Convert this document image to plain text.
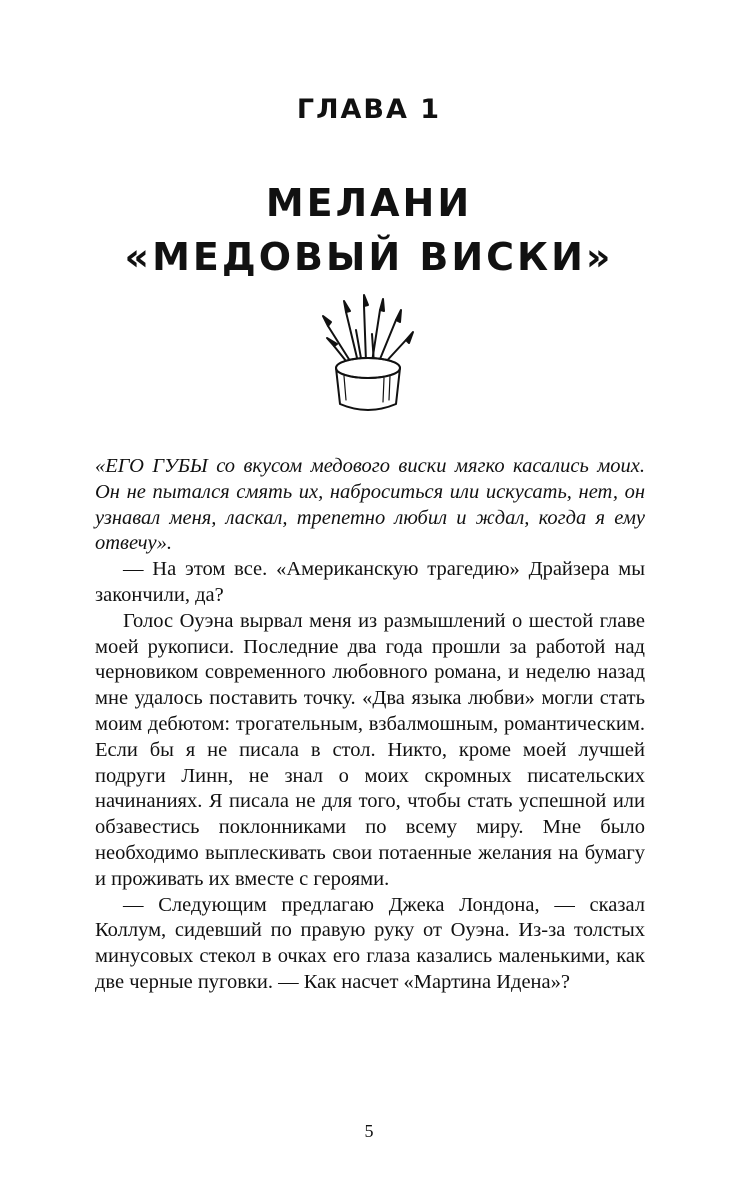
ГЛАВА 1
МЕЛАНИ
«МЕДОВЫЙ ВИСКИ»

«ЕГО ГУБЫ со вкусом медового виски мягко касались моих. Он не пытался смять их, наброситься или искусать, нет, он узнавал меня, ласкал, трепетно любил и ждал, когда я ему отвечу».

— На этом все. «Американскую трагедию» Драйзера мы закончили, да?

Голос Оуэна вырвал меня из размышлений о шестой главе моей рукописи. Последние два года прошли за работой над черновиком современного любовного романа, и неделю назад мне удалось поставить точку. «Два языка любви» могли стать моим дебютом: трогательным, взбалмошным, романтическим. Если бы я не писала в стол. Никто, кроме моей лучшей подруги Линн, не знал о моих скромных писательских начинаниях. Я писала не для того, чтобы стать успешной или обзавестись поклонниками по всему миру. Мне было необходимо выплескивать свои потаенные желания на бумагу и проживать их вместе с героями.

— Следующим предлагаю Джека Лондона, — сказал Коллум, сидевший по правую руку от Оуэна. Из-за толстых минусовых стекол в очках его глаза казались маленькими, как две черные пуговки. — Как насчет «Мартина Идена»?

5
